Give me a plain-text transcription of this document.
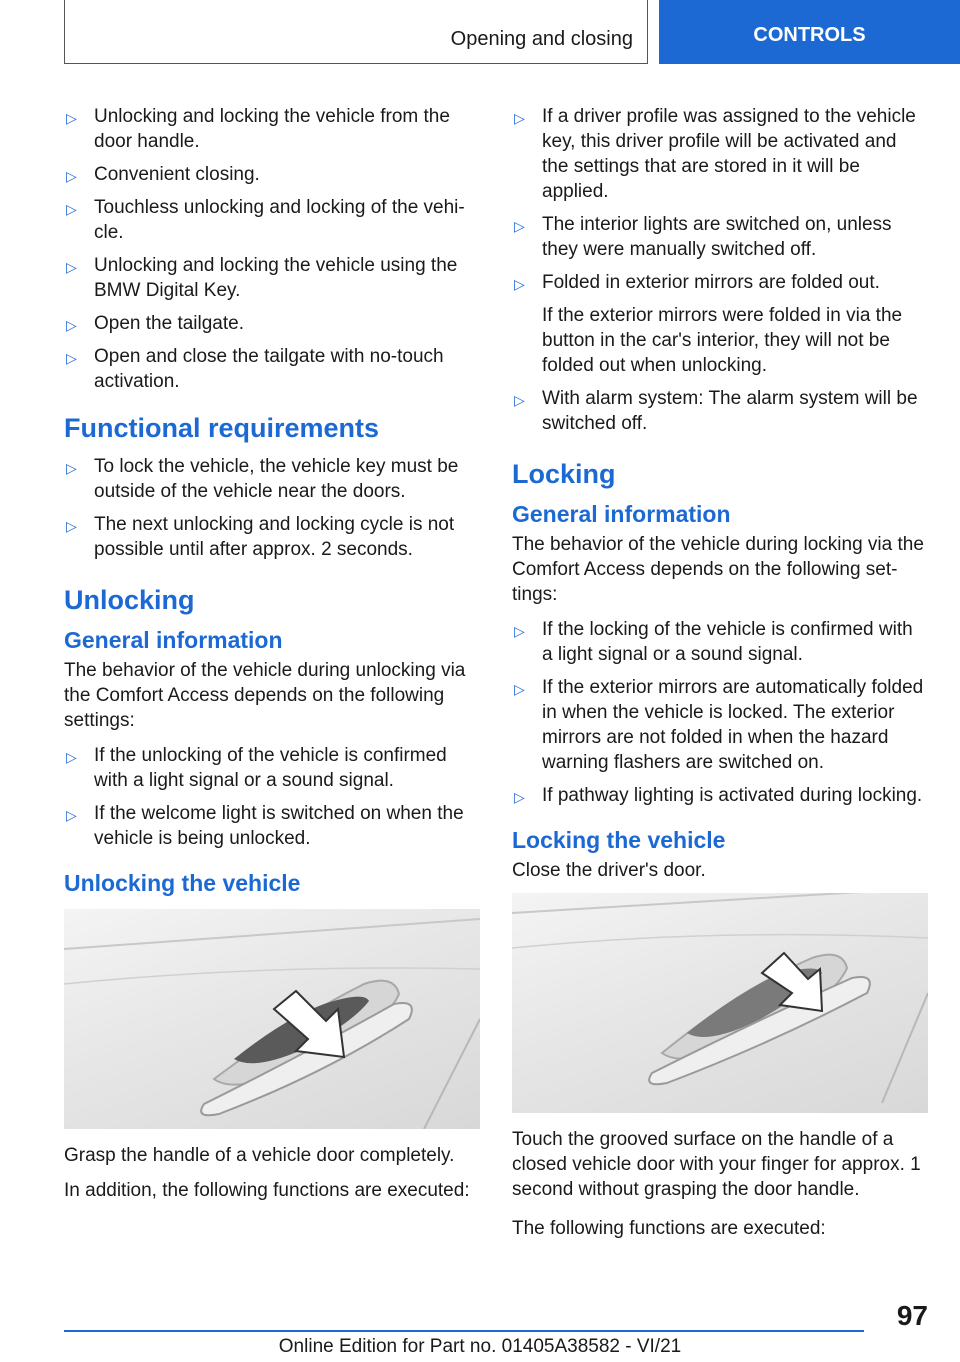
Opening and closing	CONTROLS
▷ Unlocking and locking the vehicle from the door handle.
▷ Convenient closing.
▷ Touchless unlocking and locking of the vehi‐cle.
▷ Unlocking and locking the vehicle using the BMW Digital Key.
▷ Open the tailgate.
▷ Open and close the tailgate with no-touch activation.
Functional requirements
▷ To lock the vehicle, the vehicle key must be outside of the vehicle near the doors.
▷ The next unlocking and locking cycle is not possible until after approx. 2 seconds.
Unlocking
General information

The behavior of the vehicle during unlocking via the Comfort Access depends on the following settings:

▷ If the unlocking of the vehicle is confirmed with a light signal or a sound signal.
▷ If the welcome light is switched on when the vehicle is being unlocked.
Unlocking the vehicle

Grasp the handle of a vehicle door completely.

In addition, the following functions are executed:

▷ If a driver profile was assigned to the vehicle key, this driver profile will be activated and the settings that are stored in it will be applied.
▷ The interior lights are switched on, unless they were manually switched off.
▷ Folded in exterior mirrors are folded out.
If the exterior mirrors were folded in via the button in the car's interior, they will not be folded out when unlocking.
▷ With alarm system: The alarm system will be switched off.
Locking
General information

The behavior of the vehicle during locking via the Comfort Access depends on the following set‐tings:

▷ If the locking of the vehicle is confirmed with a light signal or a sound signal.
▷ If the exterior mirrors are automatically folded in when the vehicle is locked. The exterior mirrors are not folded in when the hazard warning flashers are switched on.
▷ If pathway lighting is activated during locking.
Locking the vehicle

Close the driver's door.

Touch the grooved surface on the handle of a closed vehicle door with your finger for approx. 1 second without grasping the door handle.

The following functions are executed:

97
Online Edition for Part no. 01405A38582 - VI/21
